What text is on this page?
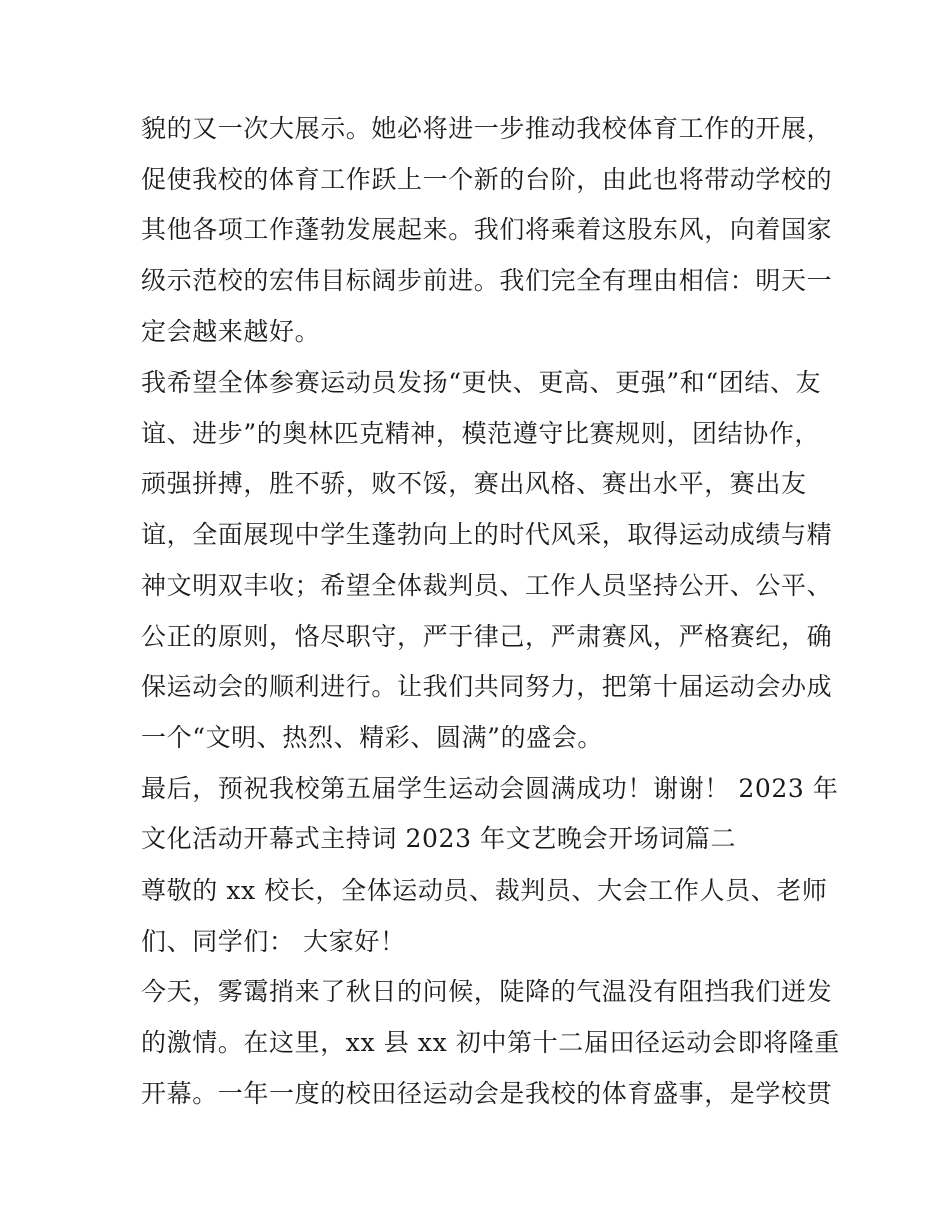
貌的又一次大展示。她必将进一步推动我校体育工作的开展，
促使我校的体育工作跃上一个新的台阶，由此也将带动学校的
其他各项工作蓬勃发展起来。我们将乘着这股东风，向着国家
级示范校的宏伟目标阔步前进。我们完全有理由相信：明天一
定会越来越好。
我希望全体参赛运动员发扬“更快、更高、更强”和“团结、友
谊、进步”的奥林匹克精神，模范遵守比赛规则，团结协作，
顽强拼搏，胜不骄，败不馁，赛出风格、赛出水平，赛出友
谊，全面展现中学生蓬勃向上的时代风采，取得运动成绩与精
神文明双丰收；希望全体裁判员、工作人员坚持公开、公平、
公正的原则，恪尽职守，严于律己，严肃赛风，严格赛纪，确
保运动会的顺利进行。让我们共同努力，把第十届运动会办成
一个“文明、热烈、精彩、圆满”的盛会。
最后，预祝我校第五届学生运动会圆满成功！谢谢！ 2023 年
文化活动开幕式主持词 2023 年文艺晚会开场词篇二
尊敬的 xx 校长，全体运动员、裁判员、大会工作人员、老师
们、同学们： 大家好！
今天，雾霭捎来了秋日的问候，陡降的气温没有阻挡我们迸发
的激情。在这里，xx 县 xx 初中第十二届田径运动会即将隆重
开幕。一年一度的校田径运动会是我校的体育盛事，是学校贯
